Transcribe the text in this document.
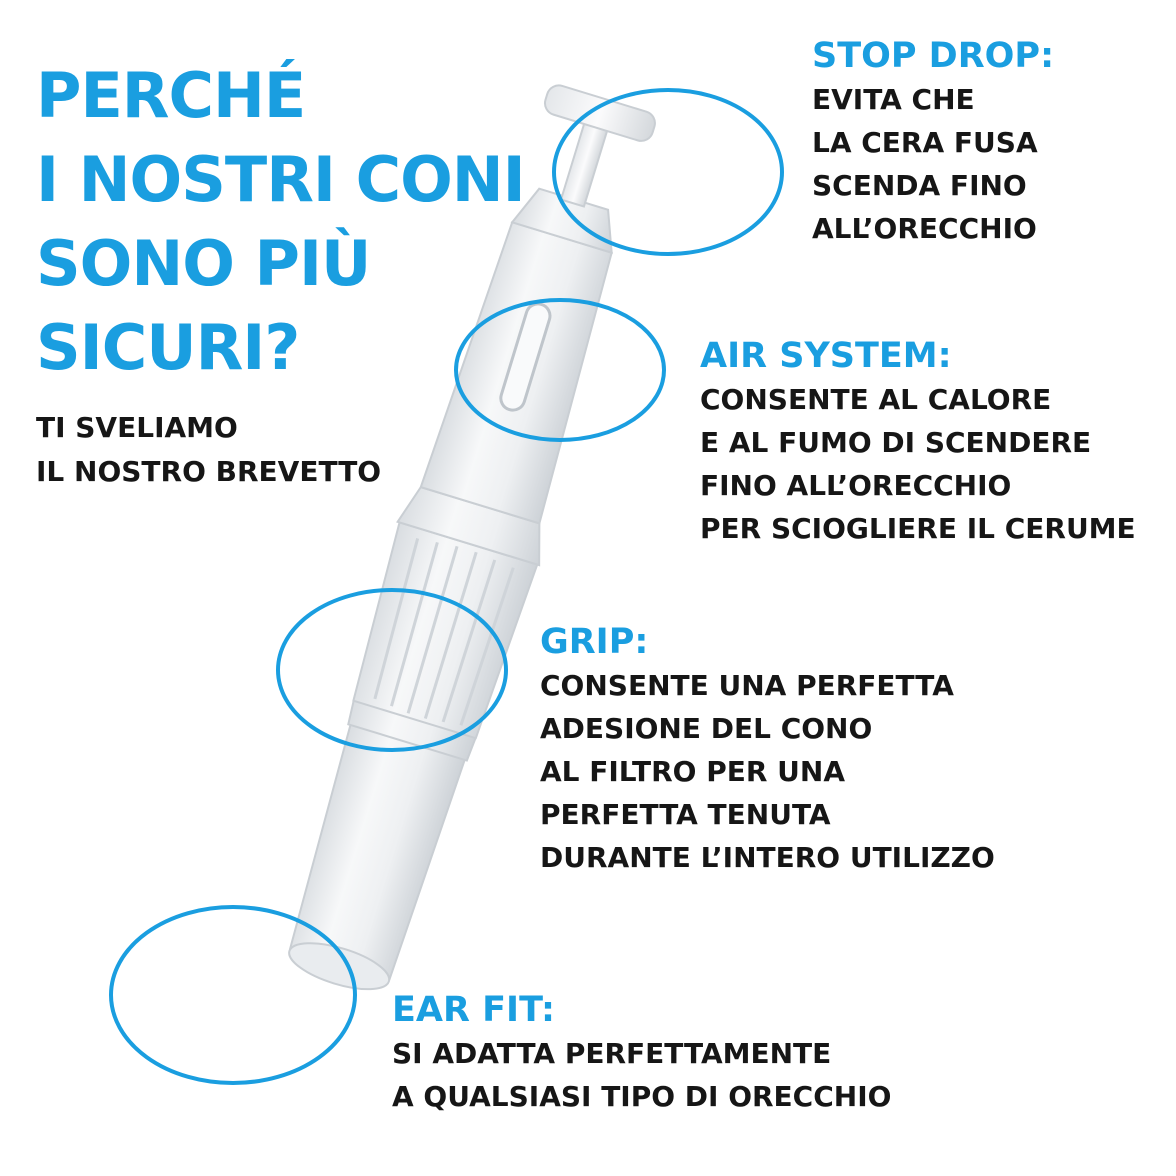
PERCHÉ
I NOSTRI CONI
SONO PIÙ
SICURI?
TI SVELIAMO
IL NOSTRO BREVETTO
STOP DROP:
EVITA CHE
LA CERA FUSA
SCENDA FINO
ALL’ORECCHIO
AIR SYSTEM:
CONSENTE AL CALORE
E AL FUMO DI SCENDERE
FINO ALL’ORECCHIO
PER SCIOGLIERE IL CERUME
GRIP:
CONSENTE UNA PERFETTA
ADESIONE DEL CONO
AL FILTRO PER UNA
PERFETTA TENUTA
DURANTE L’INTERO UTILIZZO
EAR FIT:
SI ADATTA PERFETTAMENTE
A QUALSIASI TIPO DI ORECCHIO
